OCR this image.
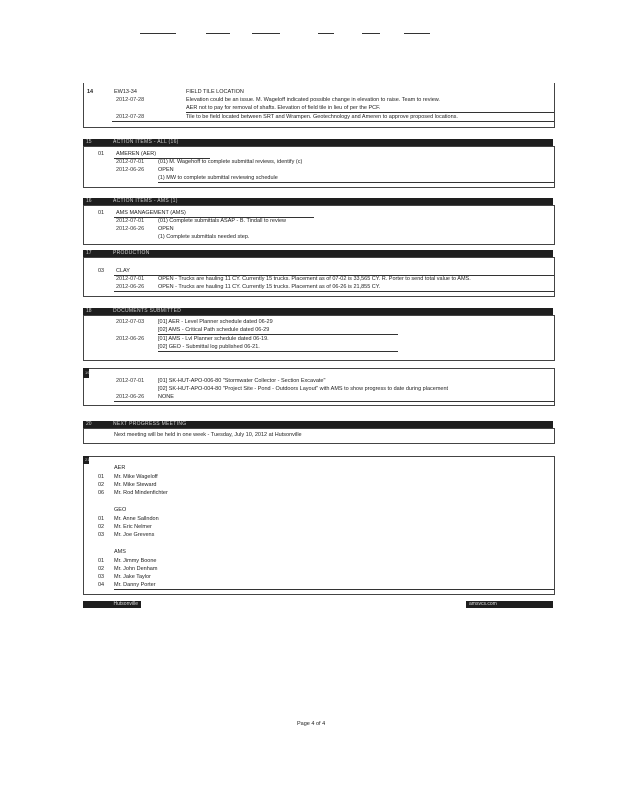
14	EW13-34	FIELD TILE LOCATION
2012-07-28	Elevation could be an issue. M. Wageloff indicated possible change in elevation to raise. Team to review.
AER not to pay for removal of shafts. Elevation of field tile in lieu of per the PCF.
2012-07-28	Tile to be field located between SRT and Wrampen. Geotechnology and Ameren to approve proposed locations.
15	ACTION ITEMS - ALL (16)
01 AMEREN (AER)
2012-07-01	(01) M. Wagehoff to complete submittal reviews, identify (c)
2012-06-26	OPEN
(1) MW to complete submittal reviewing schedule
16	ACTION ITEMS - AMS (1)
01 AMS MANAGEMENT (AMS)
2012-07-01	(01) Complete submittals ASAP - B. Tindall to review
2012-06-26	OPEN
(1) Complete submittals needed step.
17	PRODUCTION
03 CLAY
2012-07-01	OPEN - Trucks are hauling 11 CY. Currently 15 trucks. Placement as of 07-02 is 33,565 CY. R. Porter to send total value to AMS.
2012-06-26	OPEN - Trucks are hauling 11 CY. Currently 15 trucks. Placement as of 06-26 is 21,855 CY.
18	DOCUMENTS SUBMITTED
2012-07-03	[01] AER - Level Planner schedule dated 06-29
[02] AMS - Critical Path schedule dated 06-29
2012-06-26	[01] AMS - Lvl Planner schedule dated 06-19.
[02] GEO - Submittal log published 06-21.
19
2012-07-01	[01] SK-HUT-APO-006-80 "Stormwater Collector - Section Excavate"
[02] SK-HUT-APO-004-80 "Project Site - Pond - Outdoors Layout" with AMS to show progress to date during placement
2012-06-26	NONE
20	NEXT PROGRESS MEETING
Next meeting will be held in one week - Tuesday, July 10, 2012 at Hutsonville
21
AER
01 Mr. Mike Wageloff
02 Mr. Mike Steward
06 Mr. Rod Mindenfichter
GEO
01 Mr. Anne Sallndon
02 Mr. Eric Nelmer
03 Mr. Joe Grevens
AMS
01 Mr. Jimmy Boone
02 Mr. John Denham
03 Mr. Jake Taylor
04 Mr. Danny Porter
Hutsonville	amsvcs.com
Page 4 of 4
